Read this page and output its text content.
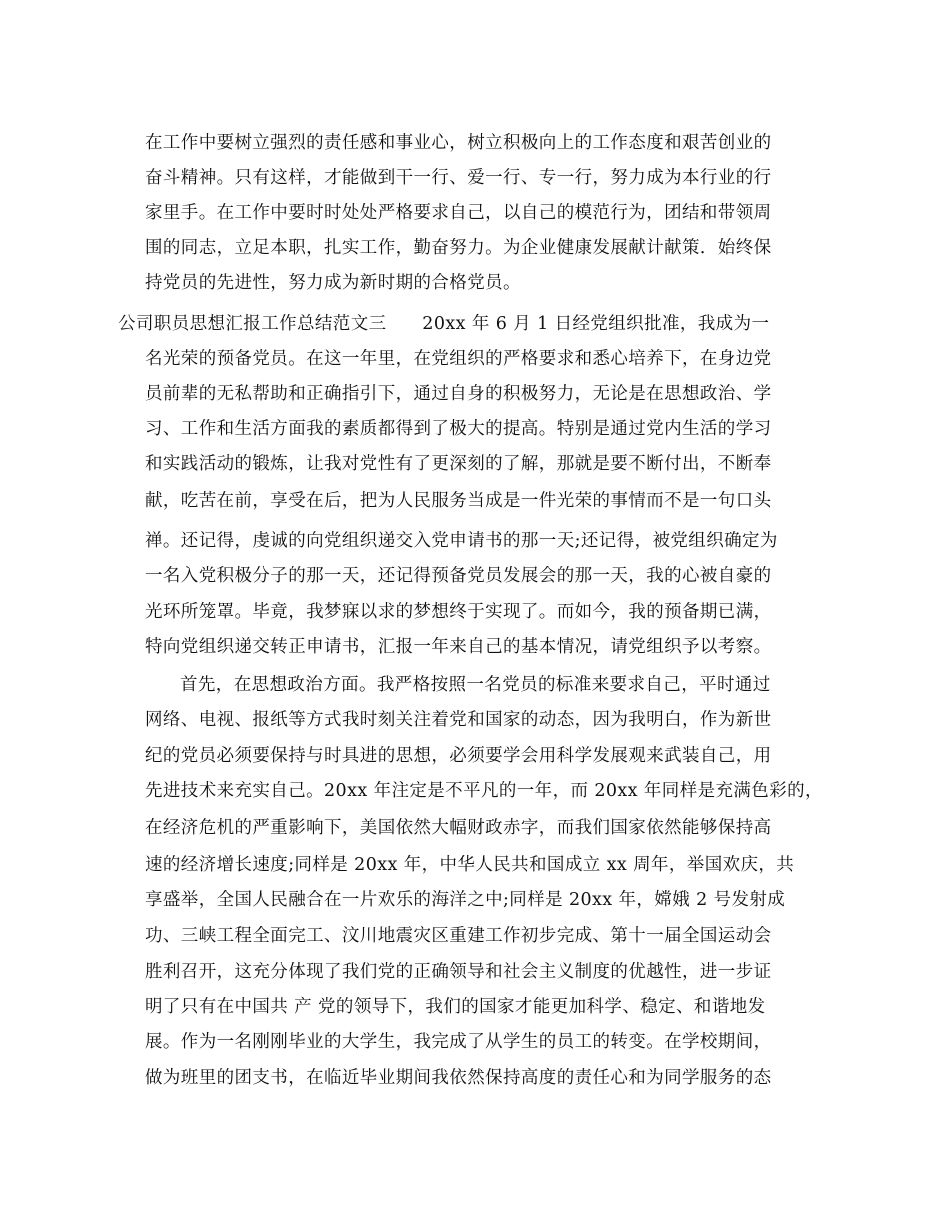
在工作中要树立强烈的责任感和事业心，树立积极向上的工作态度和艰苦创业的
奋斗精神。只有这样，才能做到干一行、爱一行、专一行，努力成为本行业的行
家里手。在工作中要时时处处严格要求自己，以自己的模范行为，团结和带领周
围的同志，立足本职，扎实工作，勤奋努力。为企业健康发展献计献策．始终保
持党员的先进性，努力成为新时期的合格党员。
公司职员思想汇报工作总结范文三　　20xx 年 6 月 1 日经党组织批准，我成为一
名光荣的预备党员。在这一年里，在党组织的严格要求和悉心培养下，在身边党
员前辈的无私帮助和正确指引下，通过自身的积极努力，无论是在思想政治、学
习、工作和生活方面我的素质都得到了极大的提高。特别是通过党内生活的学习
和实践活动的锻炼，让我对党性有了更深刻的了解，那就是要不断付出，不断奉
献，吃苦在前，享受在后，把为人民服务当成是一件光荣的事情而不是一句口头
禅。还记得，虔诚的向党组织递交入党申请书的那一天;还记得，被党组织确定为
一名入党积极分子的那一天，还记得预备党员发展会的那一天，我的心被自豪的
光环所笼罩。毕竟，我梦寐以求的梦想终于实现了。而如今，我的预备期已满，
特向党组织递交转正申请书，汇报一年来自己的基本情况，请党组织予以考察。
首先，在思想政治方面。我严格按照一名党员的标准来要求自己，平时通过
网络、电视、报纸等方式我时刻关注着党和国家的动态，因为我明白，作为新世
纪的党员必须要保持与时具进的思想，必须要学会用科学发展观来武装自己，用
先进技术来充实自己。20xx 年注定是不平凡的一年，而 20xx 年同样是充满色彩的，
在经济危机的严重影响下，美国依然大幅财政赤字，而我们国家依然能够保持高
速的经济增长速度;同样是 20xx 年，中华人民共和国成立 xx 周年，举国欢庆，共
享盛举，全国人民融合在一片欢乐的海洋之中;同样是 20xx 年，嫦娥 2 号发射成
功、三峡工程全面完工、汶川地震灾区重建工作初步完成、第十一届全国运动会
胜利召开，这充分体现了我们党的正确领导和社会主义制度的优越性，进一步证
明了只有在中国共 产 党的领导下，我们的国家才能更加科学、稳定、和谐地发
展。作为一名刚刚毕业的大学生，我完成了从学生的员工的转变。在学校期间，
做为班里的团支书，在临近毕业期间我依然保持高度的责任心和为同学服务的态
